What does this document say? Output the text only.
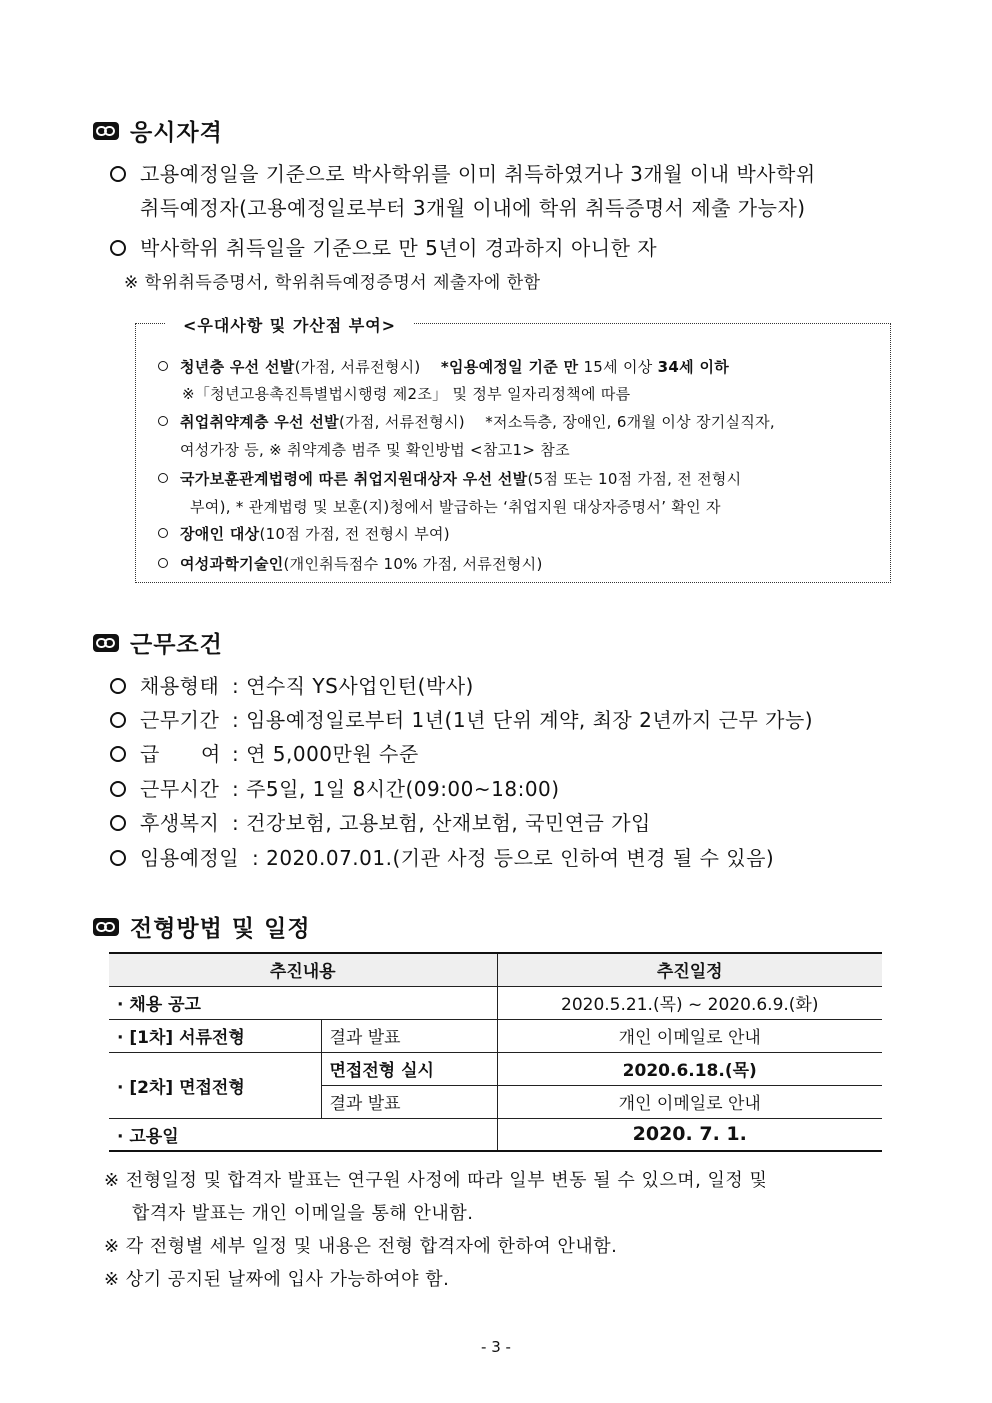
응시자격
고용예정일을 기준으로 박사학위를 이미 취득하였거나 3개월 이내 박사학위
취득예정자(고용예정일로부터 3개월 이내에 학위 취득증명서 제출 가능자)
박사학위 취득일을 기준으로 만 5년이 경과하지 아니한 자
※ 학위취득증명서, 학위취득예정증명서 제출자에 한함
<우대사항 및 가산점 부여>
청년층 우선 선발(가점, 서류전형시) *임용예정일 기준 만 15세 이상 34세 이하
※「청년고용촉진특별법시행령 제2조」 및 정부 일자리정책에 따름
취업취약계층 우선 선발(가점, 서류전형시) *저소득층, 장애인, 6개월 이상 장기실직자,
여성가장 등, ※ 취약계층 범주 및 확인방법 <참고1> 참조
국가보훈관계법령에 따른 취업지원대상자 우선 선발(5점 또는 10점 가점, 전 전형시
부여), * 관계법령 및 보훈(지)청에서 발급하는 ‘취업지원 대상자증명서’ 확인 자
장애인 대상(10점 가점, 전 전형시 부여)
여성과학기술인(개인취득점수 10% 가점, 서류전형시)
근무조건
채용형태 : 연수직 YS사업인턴(박사)
근무기간 : 임용예정일로부터 1년(1년 단위 계약, 최장 2년까지 근무 가능)
급      여 : 연 5,000만원 수준
근무시간 : 주5일, 1일 8시간(09:00~18:00)
후생복지 : 건강보험, 고용보험, 산재보험, 국민연금 가입
임용예정일 : 2020.07.01.(기관 사정 등으로 인하여 변경 될 수 있음)
전형방법 및 일정
추진내용		추진일정
· 채용 공고		2020.5.21.(목) ~ 2020.6.9.(화)
· [1차] 서류전형	결과 발표	개인 이메일로 안내
· [2차] 면접전형	면접전형 실시	2020.6.18.(목)
	결과 발표	개인 이메일로 안내
· 고용일		2020. 7. 1.
※ 전형일정 및 합격자 발표는 연구원 사정에 따라 일부 변동 될 수 있으며, 일정 및
합격자 발표는 개인 이메일을 통해 안내함.
※ 각 전형별 세부 일정 및 내용은 전형 합격자에 한하여 안내함.
※ 상기 공지된 날짜에 입사 가능하여야 함.
- 3 -
